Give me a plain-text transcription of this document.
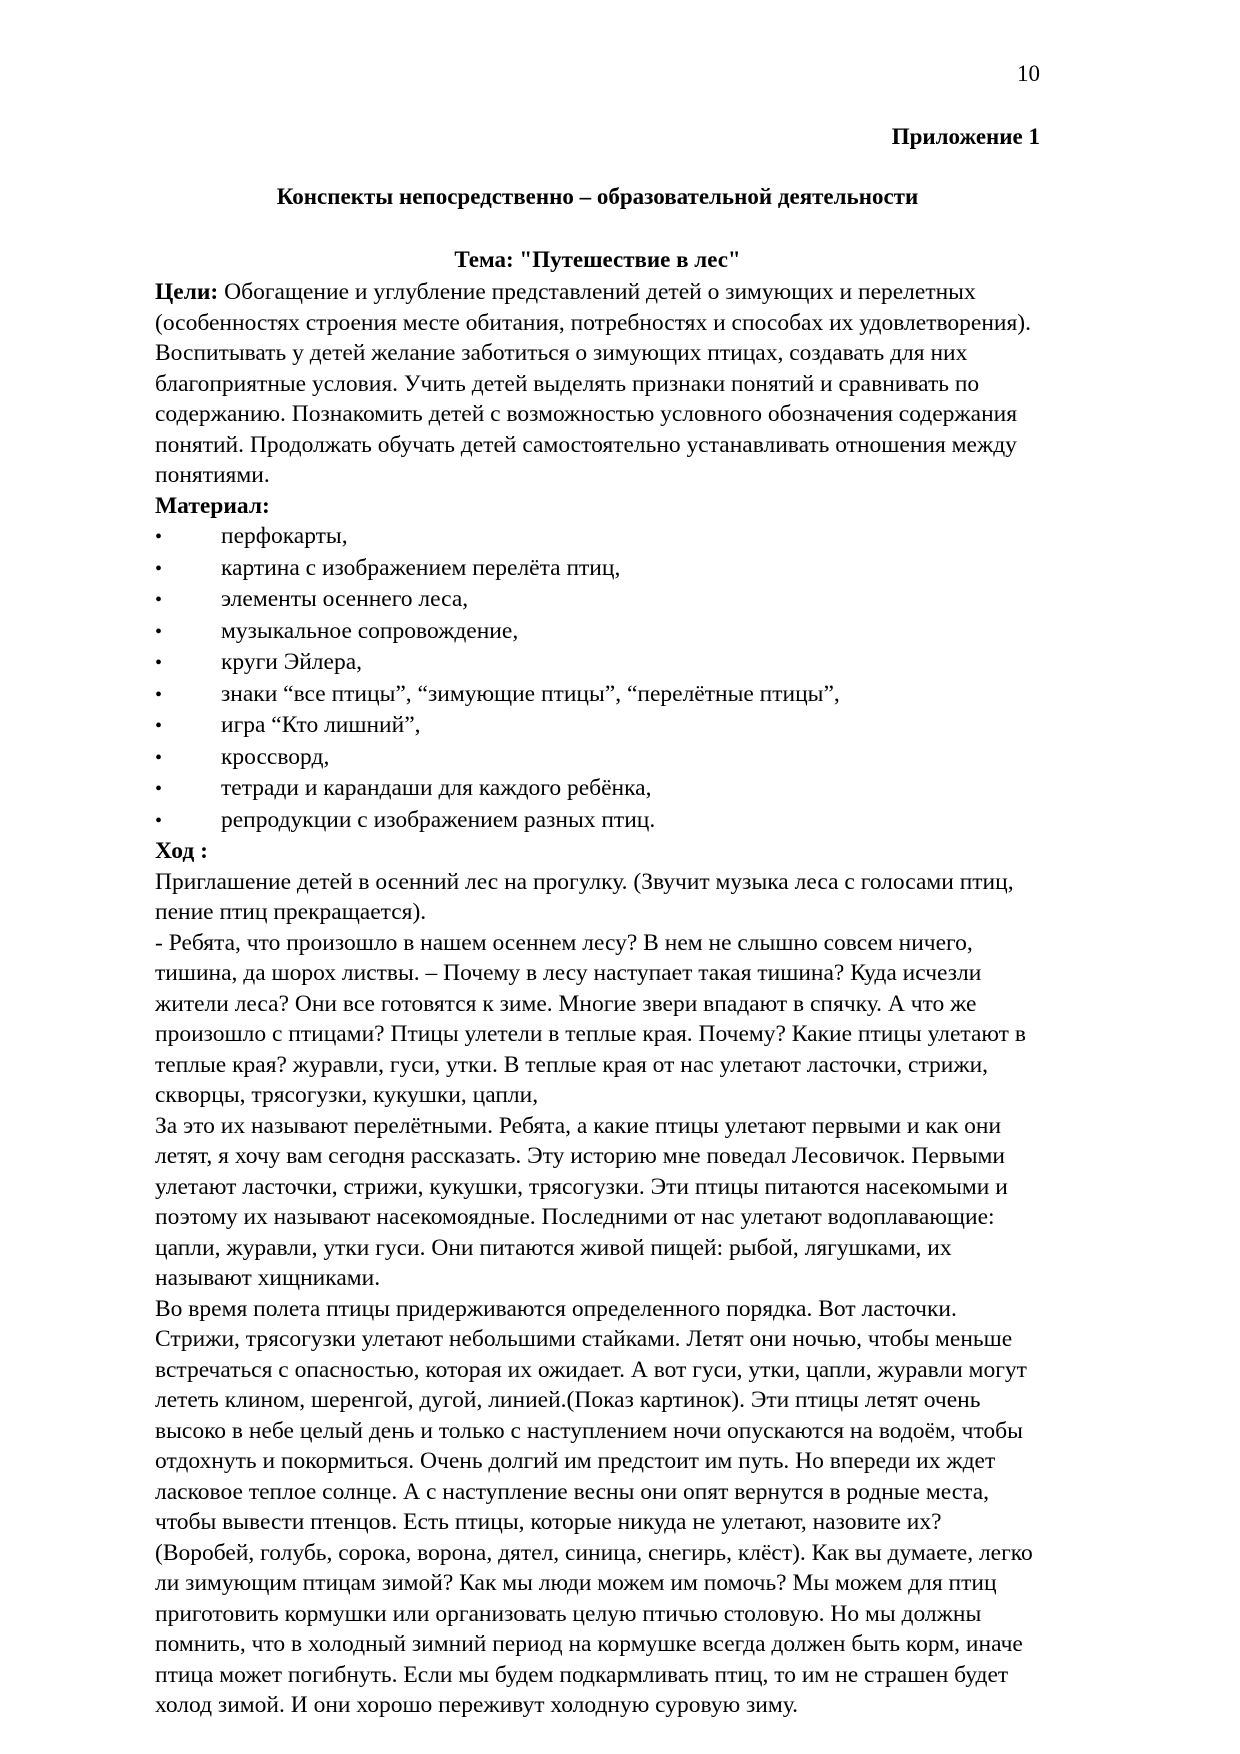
10
Приложение 1
Конспекты непосредственно – образовательной деятельности
Тема: "Путешествие в лес"

Цели: Обогащение и углубление представлений детей о зимующих и перелетных (особенностях строения месте обитания, потребностях и способах их удовлетворения). Воспитывать у детей желание заботиться о зимующих птицах, создавать для них благоприятные условия. Учить детей выделять признаки понятий и сравнивать по содержанию. Познакомить детей с возможностью условного обозначения содержания понятий. Продолжать обучать детей самостоятельно устанавливать отношения между понятиями.

Материал:
•перфокарты,
•картина с изображением перелёта птиц,
•элементы осеннего леса,
•музыкальное сопровождение,
•круги Эйлера,
•знаки “все птицы”, “зимующие птицы”, “перелётные птицы”,
•игра “Кто лишний”,
•кроссворд,
•тетради и карандаши для каждого ребёнка,
•репродукции с изображением разных птиц.
Ход :

Приглашение детей в осенний лес на прогулку. (Звучит музыка леса с голосами птиц, пение птиц прекращается).

- Ребята, что произошло в нашем осеннем лесу? В нем не слышно совсем ничего, тишина, да шорох листвы. – Почему в лесу наступает такая тишина? Куда исчезли жители леса? Они все готовятся к зиме. Многие звери впадают в спячку. А что же произошло с птицами? Птицы улетели в теплые края. Почему? Какие птицы улетают в теплые края? журавли, гуси, утки. В теплые края от нас улетают ласточки, стрижи, скворцы, трясогузки, кукушки, цапли,

За это их называют перелётными. Ребята, а какие птицы улетают первыми и как они летят, я хочу вам сегодня рассказать. Эту историю мне поведал Лесовичок. Первыми улетают ласточки, стрижи, кукушки, трясогузки. Эти птицы питаются насекомыми и поэтому их называют насекомоядные. Последними от нас улетают водоплавающие: цапли, журавли, утки гуси. Они питаются живой пищей: рыбой, лягушками, их называют хищниками.

Во время полета птицы придерживаются определенного порядка. Вот ласточки. Стрижи, трясогузки улетают небольшими стайками. Летят они ночью, чтобы меньше встречаться с опасностью, которая их ожидает. А вот гуси, утки, цапли, журавли могут лететь клином, шеренгой, дугой, линией.(Показ картинок). Эти птицы летят очень высоко в небе целый день и только с наступлением ночи опускаются на водоём, чтобы отдохнуть и покормиться. Очень долгий им предстоит им путь. Но впереди их ждет ласковое теплое солнце. А с наступление весны они опят вернутся в родные места, чтобы вывести птенцов. Есть птицы, которые никуда не улетают, назовите их? (Воробей, голубь, сорока, ворона, дятел, синица, снегирь, клёст). Как вы думаете, легко ли зимующим птицам зимой? Как мы люди можем им помочь? Мы можем для птиц приготовить кормушки или организовать целую птичью столовую. Но мы должны помнить, что в холодный зимний период на кормушке всегда должен быть корм, иначе птица может погибнуть. Если мы будем подкармливать птиц, то им не страшен будет холод зимой. И они хорошо переживут холодную суровую зиму.
